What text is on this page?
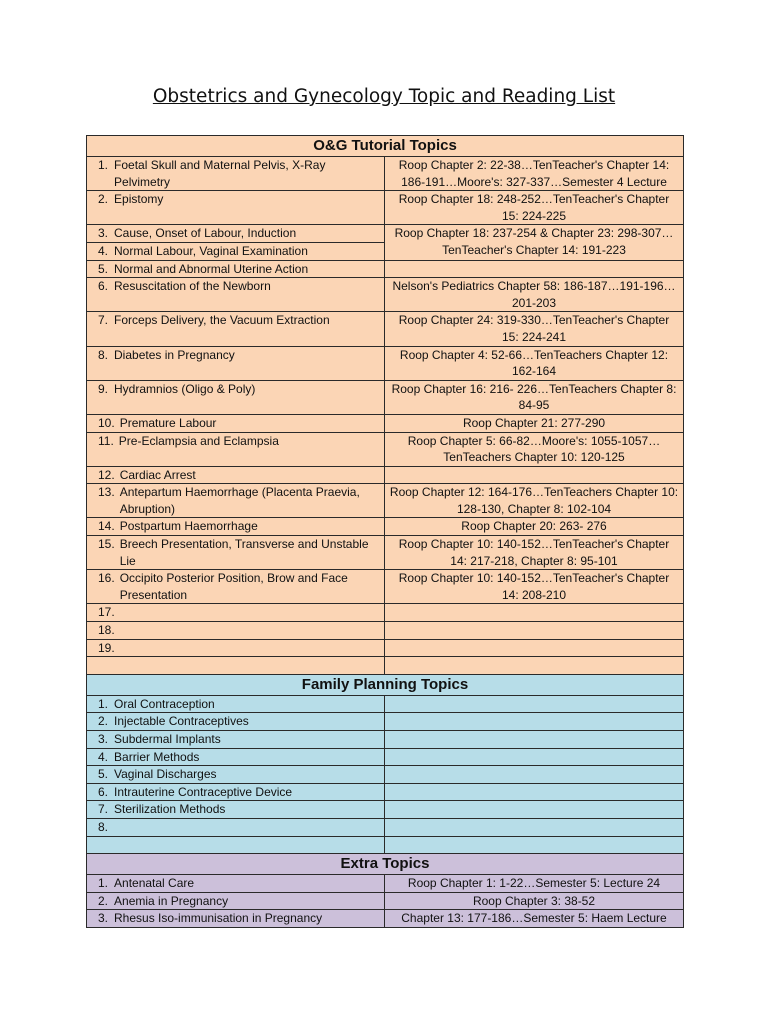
Obstetrics and Gynecology Topic and Reading List
O&G Tutorial Topics	

1. Foetal Skull and Maternal Pelvis, X-Ray Pelvimetry	Roop Chapter 2: 22-38…TenTeacher's Chapter 14: 186-191…Moore's: 327-337…Semester 4 Lecture

2. Epistomy	Roop Chapter 18: 248-252…TenTeacher's Chapter 15: 224-225

3. Cause, Onset of Labour, Induction	Roop Chapter 18: 237-254 & Chapter 23: 298-307…TenTeacher's Chapter 14: 191-223

4. Normal Labour, Vaginal Examination	

5. Normal and Abnormal Uterine Action	

6. Resuscitation of the Newborn	Nelson's Pediatrics Chapter 58: 186-187…191-196…201-203

7. Forceps Delivery, the Vacuum Extraction	Roop Chapter 24: 319-330…TenTeacher's Chapter 15: 224-241

8. Diabetes in Pregnancy	Roop Chapter 4: 52-66…TenTeachers Chapter 12: 162-164

9. Hydramnios (Oligo & Poly)	Roop Chapter 16: 216- 226…TenTeachers Chapter 8: 84-95

10. Premature Labour	Roop Chapter 21: 277-290

11. Pre-Eclampsia and Eclampsia	Roop Chapter 5: 66-82…Moore's: 1055-1057…TenTeachers Chapter 10: 120-125

12. Cardiac Arrest	

13. Antepartum Haemorrhage (Placenta Praevia, Abruption)	Roop Chapter 12: 164-176…TenTeachers Chapter 10: 128-130, Chapter 8: 102-104

14. Postpartum Haemorrhage	Roop Chapter 20: 263- 276

15. Breech Presentation, Transverse and Unstable Lie	Roop Chapter 10: 140-152…TenTeacher's Chapter 14: 217-218, Chapter 8: 95-101

16. Occipito Posterior Position, Brow and Face Presentation	Roop Chapter 10: 140-152…TenTeacher's Chapter 14: 208-210

17.	

18.	

19.	

Family Planning Topics	

1. Oral Contraception	

2. Injectable Contraceptives	

3. Subdermal Implants	

4. Barrier Methods	

5. Vaginal Discharges	

6. Intrauterine Contraceptive Device	

7. Sterilization Methods	

8.	

Extra Topics	

1. Antenatal Care	Roop Chapter 1: 1-22…Semester 5: Lecture 24

2. Anemia in Pregnancy	Roop Chapter 3: 38-52

3. Rhesus Iso-immunisation in Pregnancy	Chapter 13: 177-186…Semester 5: Haem Lecture
